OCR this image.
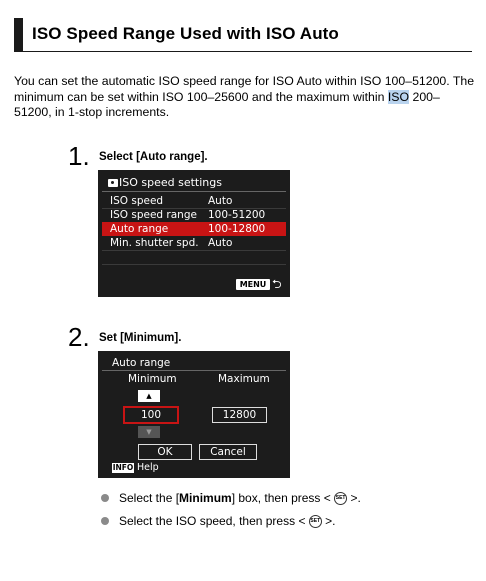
ISO Speed Range Used with ISO Auto
You can set the automatic ISO speed range for ISO Auto within ISO 100–51200. The minimum can be set within ISO 100–25600 and the maximum within ISO 200–51200, in 1-stop increments.
1. Select [Auto range].
ISO speed settings
ISO speed	Auto
ISO speed range 100-51200
Auto range	100-12800
Min. shutter spd. Auto
MENU ⮌
2. Set [Minimum].
Auto range
Minimum	Maximum
▲
100	12800
▼
OK	Cancel
INFO Help
Select the [Minimum] box, then press < SET >.
Select the ISO speed, then press < SET >.
